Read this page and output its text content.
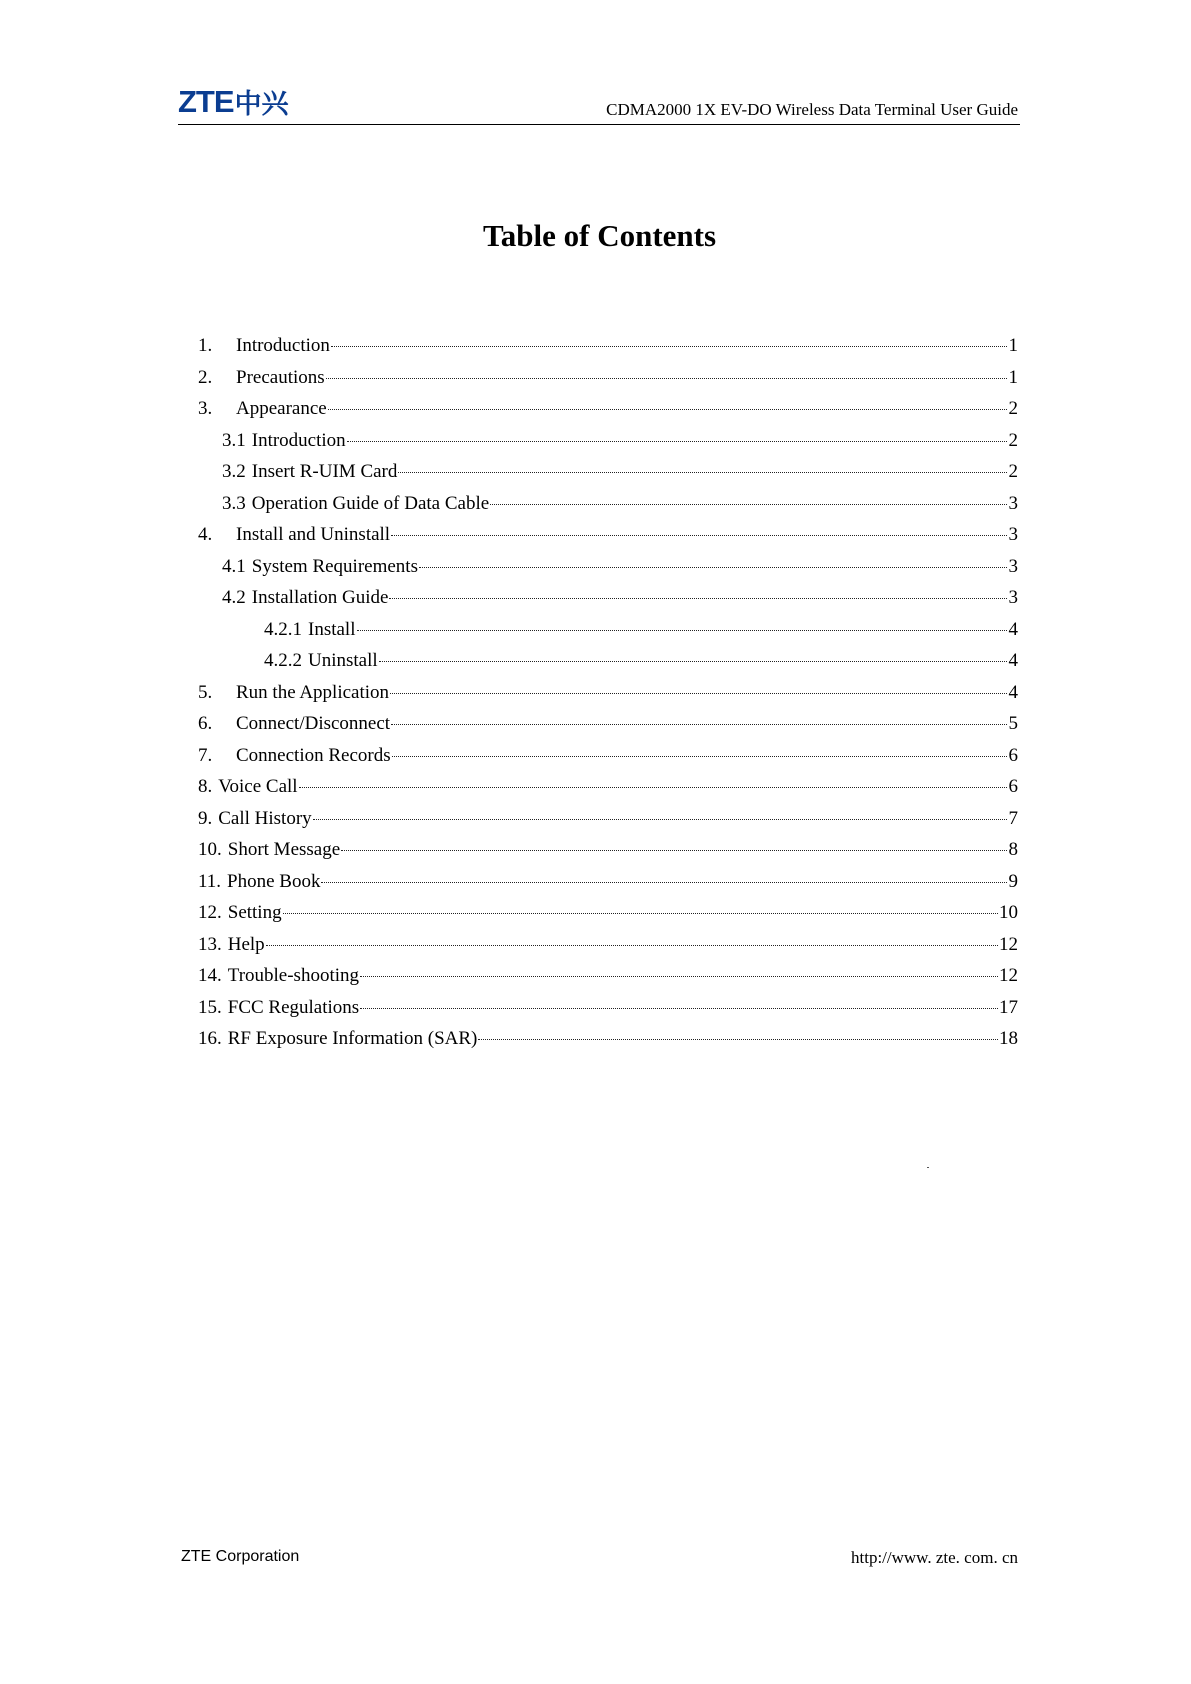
ZTE 中兴	CDMA2000 1X EV-DO Wireless Data Terminal User Guide
Table of Contents
1.	Introduction	1
2.	Precautions	1
3.	Appearance	2
3.1 Introduction	2
3.2 Insert R-UIM Card	2
3.3 Operation Guide of Data Cable	3
4.	Install and Uninstall	3
4.1 System Requirements	3
4.2 Installation Guide	3
4.2.1 Install	4
4.2.2 Uninstall	4
5.	Run the Application	4
6.	Connect/Disconnect	5
7.	Connection Records	6
8. Voice Call	6
9. Call History	7
10. Short Message	8
11. Phone Book	9
12. Setting	10
13. Help	12
14. Trouble-shooting	12
15. FCC Regulations	17
16. RF Exposure Information (SAR)	18
ZTE Corporation	http://www. zte. com. cn
